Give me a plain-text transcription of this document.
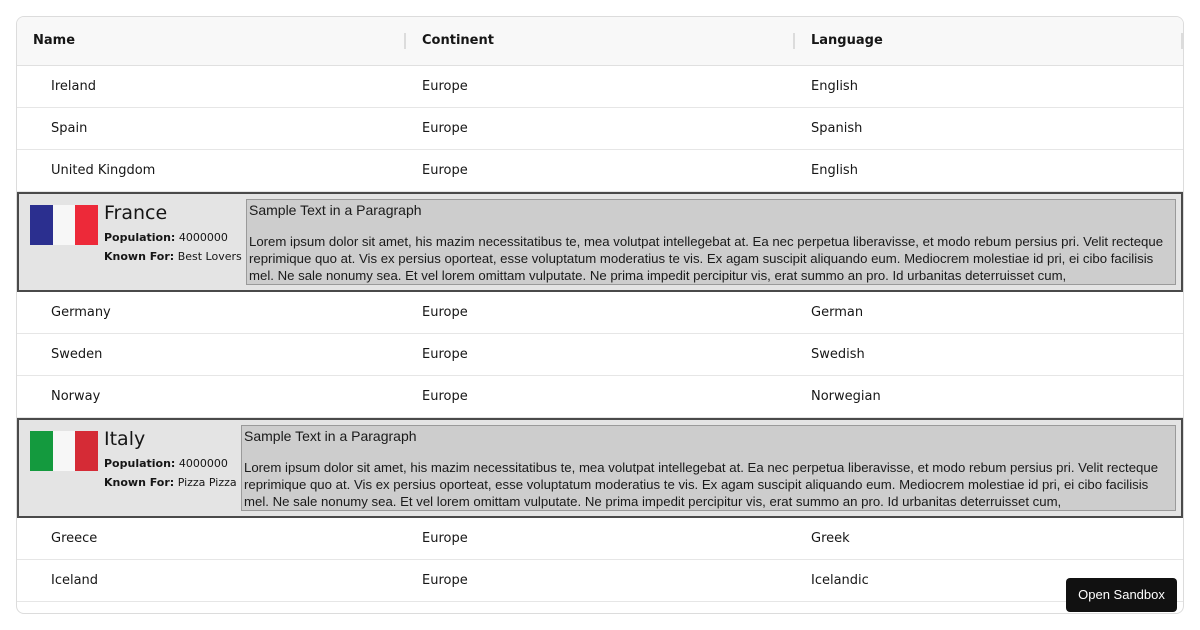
Name	Continent	Language
Ireland	Europe	English
Spain	Europe	Spanish
United Kingdom	Europe	English
France
Population: 4000000
Known For: Best Lovers
Sample Text in a Paragraph
Lorem ipsum dolor sit amet, his mazim necessitatibus te, mea volutpat intellegebat at. Ea nec perpetua liberavisse, et modo rebum persius pri. Velit recteque reprimique quo at. Vis ex persius oporteat, esse voluptatum moderatius te vis. Ex agam suscipit aliquando eum. Mediocrem molestiae id pri, ei cibo facilisis mel. Ne sale nonumy sea. Et vel lorem omittam vulputate. Ne prima impedit percipitur vis, erat summo an pro. Id urbanitas deterruisset cum,
Germany	Europe	German
Sweden	Europe	Swedish
Norway	Europe	Norwegian
Italy
Population: 4000000
Known For: Pizza Pizza
Sample Text in a Paragraph
Lorem ipsum dolor sit amet, his mazim necessitatibus te, mea volutpat intellegebat at. Ea nec perpetua liberavisse, et modo rebum persius pri. Velit recteque reprimique quo at. Vis ex persius oporteat, esse voluptatum moderatius te vis. Ex agam suscipit aliquando eum. Mediocrem molestiae id pri, ei cibo facilisis mel. Ne sale nonumy sea. Et vel lorem omittam vulputate. Ne prima impedit percipitur vis, erat summo an pro. Id urbanitas deterruisset cum,
Greece	Europe	Greek
Iceland	Europe	Icelandic
Open Sandbox
